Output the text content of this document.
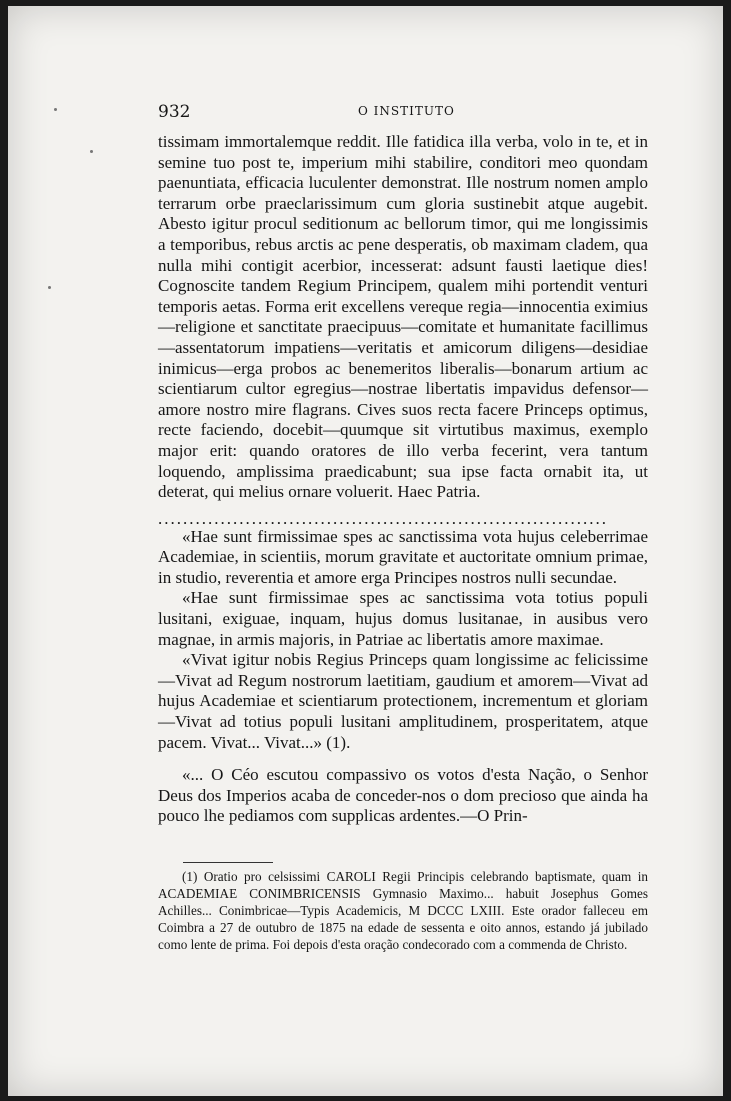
932	O INSTITUTO

tissimam immortalemque reddit. Ille fatidica illa verba, volo in te, et in semine tuo post te, imperium mihi stabilire, conditori meo quondam paenuntiata, efficacia luculenter demonstrat. Ille nostrum nomen amplo terrarum orbe praeclarissimum cum gloria sustinebit atque augebit. Abesto igitur procul seditionum ac bellorum timor, qui me longissimis a temporibus, rebus arctis ac pene desperatis, ob maximam cladem, qua nulla mihi contigit acerbior, incesserat: adsunt fausti laetique dies! Cognoscite tandem Regium Principem, qualem mihi portendit venturi temporis aetas. Forma erit excellens vereque regia—innocentia eximius—religione et sanctitate praecipuus—comitate et humanitate facillimus—assentatorum impatiens—veritatis et amicorum diligens—desidiae inimicus—erga probos ac benemeritos liberalis—bonarum artium ac scientiarum cultor egregius—nostrae libertatis impavidus defensor—amore nostro mire flagrans. Cives suos recta facere Princeps optimus, recte faciendo, docebit—quumque sit virtutibus maximus, exemplo major erit: quando oratores de illo verba fecerint, vera tantum loquendo, amplissima praedicabunt; sua ipse facta ornabit ita, ut deterat, qui melius ornare voluerit. Haec Patria.

........................................................................

«Hae sunt firmissimae spes ac sanctissima vota hujus celeberrimae Academiae, in scientiis, morum gravitate et auctoritate omnium primae, in studio, reverentia et amore erga Principes nostros nulli secundae.

«Hae sunt firmissimae spes ac sanctissima vota totius populi lusitani, exiguae, inquam, hujus domus lusitanae, in ausibus vero magnae, in armis majoris, in Patriae ac libertatis amore maximae.

«Vivat igitur nobis Regius Princeps quam longissime ac felicissime—Vivat ad Regum nostrorum laetitiam, gaudium et amorem—Vivat ad hujus Academiae et scientiarum protectionem, incrementum et gloriam—Vivat ad totius populi lusitani amplitudinem, prosperitatem, atque pacem. Vivat... Vivat...» (1).

«... O Céo escutou compassivo os votos d'esta Nação, o Senhor Deus dos Imperios acaba de conceder-nos o dom precioso que ainda ha pouco lhe pediamos com supplicas ardentes.—O Prin-

(1) Oratio pro celsissimi CAROLI Regii Principis celebrando baptismate, quam in ACADEMIAE CONIMBRICENSIS Gymnasio Maximo... habuit Josephus Gomes Achilles... Conimbricae—Typis Academicis, M DCCC LXIII. Este orador falleceu em Coimbra a 27 de outubro de 1875 na edade de sessenta e oito annos, estando já jubilado como lente de prima. Foi depois d'esta oração condecorado com a commenda de Christo.
